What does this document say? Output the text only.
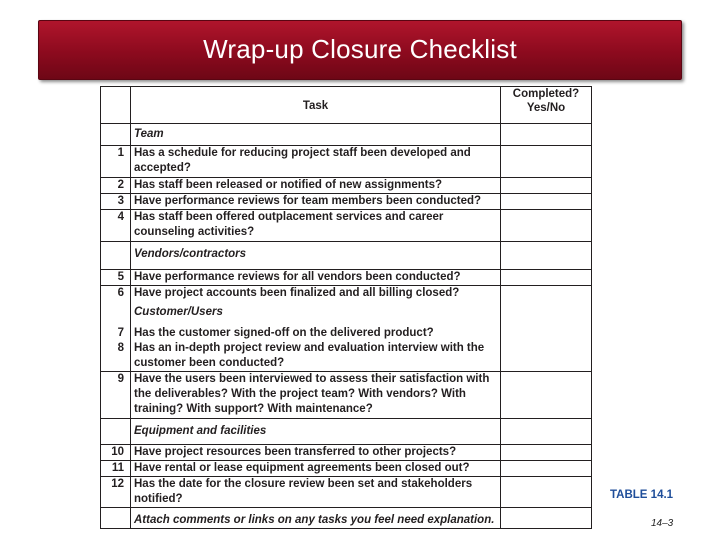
Wrap-up Closure Checklist
	Task	Completed?
Yes/No

	Team	
1	Has a schedule for reducing project staff been developed and accepted?	
2	Has staff been released or notified of new assignments?	
3	Have performance reviews for team members been conducted?	
4	Has staff been offered outplacement services and career counseling activities?	
	Vendors/contractors	
5	Have performance reviews for all vendors been conducted?	
6	Have project accounts been finalized and all billing closed?	
	Customer/Users	
7	Has the customer signed-off on the delivered product?	
8	Has an in-depth project review and evaluation interview with the customer been conducted?	
9	Have the users been interviewed to assess their satisfaction with the deliverables? With the project team? With vendors? With training? With support? With maintenance?	
	Equipment and facilities	
10	Have project resources been transferred to other projects?	
11	Have rental or lease equipment agreements been closed out?	
12	Has the date for the closure review been set and stakeholders notified?	
	Attach comments or links on any tasks you feel need explanation.	
TABLE 14.1
14–3
